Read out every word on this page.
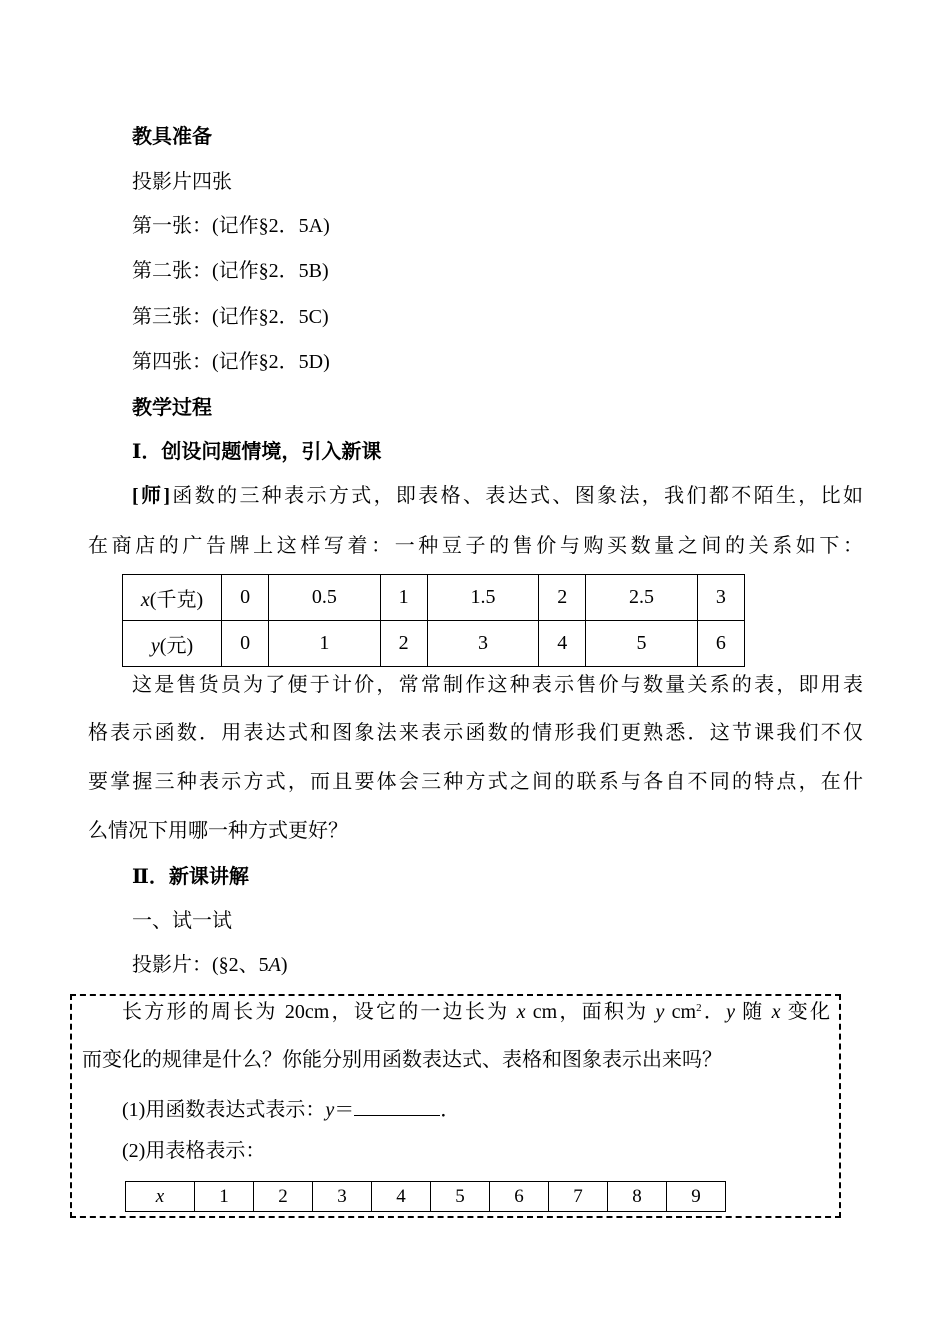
教具准备
投影片四张
第一张：(记作§2．5A)
第二张：(记作§2．5B)
第三张：(记作§2．5C)
第四张：(记作§2．5D)
教学过程
Ⅰ．创设问题情境，引入新课
[师]函数的三种表示方式，即表格、表达式、图象法，我们都不陌生，比如
在商店的广告牌上这样写着：一种豆子的售价与购买数量之间的关系如下：
x(千克)	0	0.5	1	1.5	2	2.5	3
y(元)	0	1	2	3	4	5	6
这是售货员为了便于计价，常常制作这种表示售价与数量关系的表，即用表
格表示函数．用表达式和图象法来表示函数的情形我们更熟悉．这节课我们不仅
要掌握三种表示方式，而且要体会三种方式之间的联系与各自不同的特点，在什
么情况下用哪一种方式更好？
Ⅱ．新课讲解
一、试一试
投影片：(§2、5A)
长方形的周长为 20cm，设它的一边长为 x cm，面积为 y $cm^2$．y 随 x 变化
而变化的规律是什么？你能分别用函数表达式、表格和图象表示出来吗？
(1)用函数表达式表示：y＝	．
(2)用表格表示：
x	1	2	3	4	5	6	7	8	9
